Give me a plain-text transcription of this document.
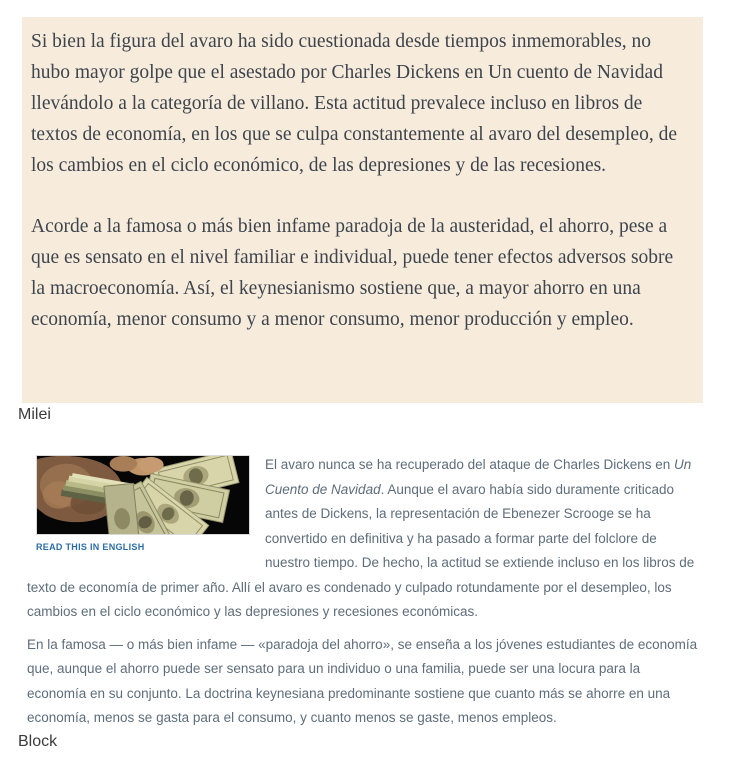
Si bien la figura del avaro ha sido cuestionada desde tiempos inmemorables, no hubo mayor golpe que el asestado por Charles Dickens en Un cuento de Navidad llevándolo a la categoría de villano. Esta actitud prevalece incluso en libros de textos de economía, en los que se culpa constantemente al avaro del desempleo, de los cambios en el ciclo económico, de las depresiones y de las recesiones.

Acorde a la famosa o más bien infame paradoja de la austeridad, el ahorro, pese a que es sensato en el nivel familiar e individual, puede tener efectos adversos sobre la macroeconomía. Así, el keynesianismo sostiene que, a mayor ahorro en una economía, menor consumo y a menor consumo, menor producción y empleo.

Milei
READ THIS IN ENGLISH

El avaro nunca se ha recuperado del ataque de Charles Dickens en Un Cuento de Navidad. Aunque el avaro había sido duramente criticado antes de Dickens, la representación de Ebenezer Scrooge se ha convertido en definitiva y ha pasado a formar parte del folclore de nuestro tiempo. De hecho, la actitud se extiende incluso en los libros de texto de economía de primer año. Allí el avaro es condenado y culpado rotundamente por el desempleo, los cambios en el ciclo económico y las depresiones y recesiones económicas.

En la famosa — o más bien infame — «paradoja del ahorro», se enseña a los jóvenes estudiantes de economía que, aunque el ahorro puede ser sensato para un individuo o una familia, puede ser una locura para la economía en su conjunto. La doctrina keynesiana predominante sostiene que cuanto más se ahorre en una economía, menos se gasta para el consumo, y cuanto menos se gaste, menos empleos.

Block
